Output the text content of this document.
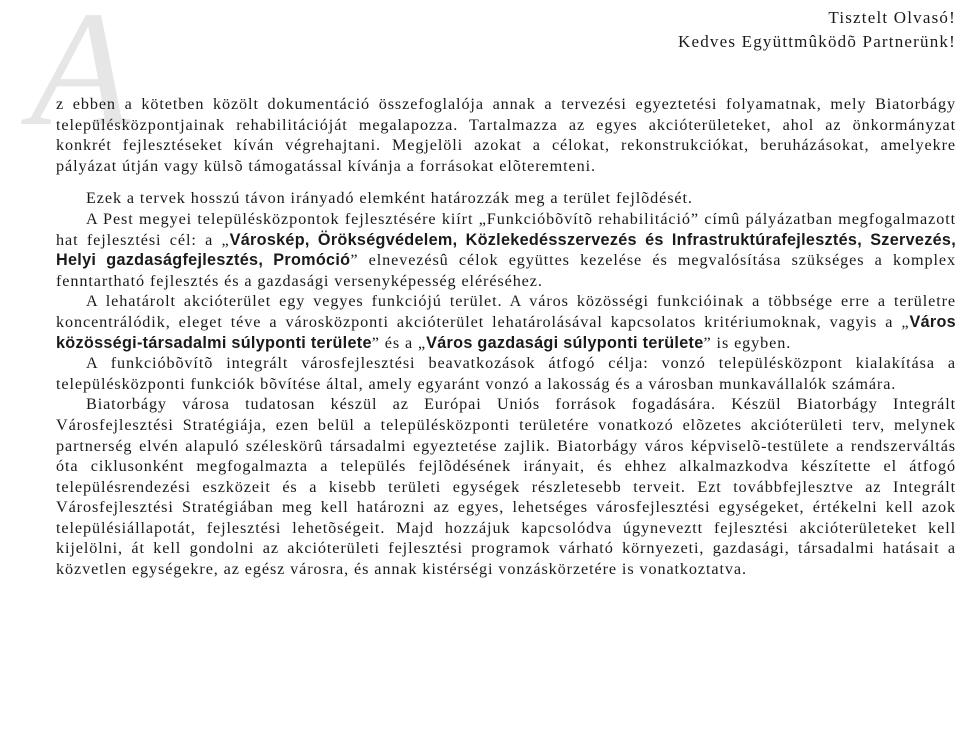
A	Tisztelt Olvasó!
Kedves Együttmûködõ Partnerünk!

z ebben a kötetben közölt dokumentáció összefoglalója annak a tervezési egyeztetési folyamatnak, mely Biatorbágy településközpontjainak rehabilitációját megalapozza. Tartalmazza az egyes akcióterületeket, ahol az önkormányzat konkrét fejlesztéseket kíván végrehajtani. Megjelöli azokat a célokat, rekonstrukciókat, beruházásokat, amelyekre pályázat útján vagy külsõ támogatással kívánja a forrásokat elõteremteni.

Ezek a tervek hosszú távon irányadó elemként határozzák meg a terület fejlõdését.

A Pest megyei településközpontok fejlesztésére kiírt „Funkcióbõvítõ rehabilitáció” címû pályázatban megfogalmazott hat fejlesztési cél: a „Városkép, Örökségvédelem, Közlekedésszervezés és Infrastruktúrafejlesztés, Szervezés, Helyi gazdaságfejlesztés, Promóció” elnevezésû célok együttes kezelése és megvalósítása szükséges a komplex fenntartható fejlesztés és a gazdasági versenyképesség eléréséhez.

A lehatárolt akcióterület egy vegyes funkciójú terület. A város közösségi funkcióinak a többsége erre a területre koncentrálódik, eleget téve a városközponti akcióterület lehatárolásával kapcsolatos kritériumoknak, vagyis a „Város közösségi-társadalmi súlyponti területe” és a „Város gazdasági súlyponti területe” is egyben.

A funkcióbõvítõ integrált városfejlesztési beavatkozások átfogó célja: vonzó településközpont kialakítása a településközponti funkciók bõvítése által, amely egyaránt vonzó a lakosság és a városban munkavállalók számára.

Biatorbágy városa tudatosan készül az Európai Uniós források fogadására. Készül Biatorbágy Integrált Városfejlesztési Stratégiája, ezen belül a településközponti területére vonatkozó elõzetes akcióterületi terv, melynek partnerség elvén alapuló széleskörû társadalmi egyeztetése zajlik. Biatorbágy város képviselõ-testülete a rendszerváltás óta ciklusonként megfogalmazta a település fejlõdésének irányait, és ehhez alkalmazkodva készítette el átfogó településrendezési eszközeit és a kisebb területi egységek részletesebb terveit. Ezt továbbfejlesztve az Integrált Városfejlesztési Stratégiában meg kell határozni az egyes, lehetséges városfejlesztési egységeket, értékelni kell azok településiállapotát, fejlesztési lehetõségeit. Majd hozzájuk kapcsolódva úgyneveztt fejlesztési akcióterületeket kell kijelölni, át kell gondolni az akcióterületi fejlesztési programok várható környezeti, gazdasági, társadalmi hatásait a közvetlen egységekre, az egész városra, és annak kistérségi vonzáskörzetére is vonatkoztatva.
